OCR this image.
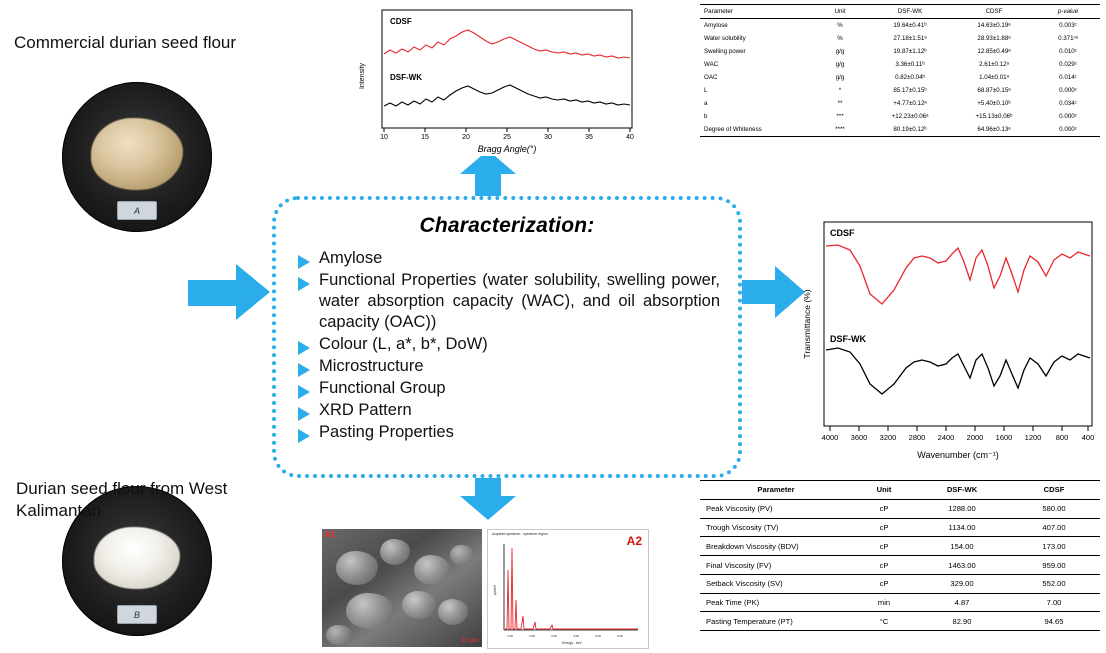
Commercial durian seed flour
A
B
Durian seed flour from West Kalimantan
Characterization:
Amylose
Functional Properties (water solubility, swelling power, water absorption capacity (WAC), and oil absorption capacity (OAC))
Colour (L, a*, b*, DoW)
Microstructure
Functional Group
XRD Pattern
Pasting Properties
CDSF
DSF-WK
10	15	20	25	30	35	40
Bragg Angle(°)
Intensity
Parameter	Unit	DSF-WK	CDSF	p-value
Amylose	%	19.64±0.41ᵇ	14.63±0.19ᵃ	0.003ᶜ
Water solubility	%	27.18±1.51ᵃ	28.93±1.88ᵃ	0.371ⁿˢ
Swelling power	g/g	19.87±1.12ᵇ	12.85±0.49ᵃ	0.010ᶜ
WAC	g/g	3.36±0.11ᵇ	2.61±0.12ᵃ	0.029ᶜ
OAC	g/g	0.82±0.04ᵇ	1.04±0.01ᵃ	0.014ᶜ
L	*	85.17±0.15ᵇ	68.87±0.15ᵃ	0.000ᶜ
a	**	+4.77±0.12ᵃ	+5.40±0.10ᵇ	0.034ᶜ
b	***	+12.23±0.06ᵃ	+15.13±0.06ᵇ	0.000ᶜ
Degree of Whiteness	****	80.19±0.12ᵇ	64.96±0.13ᵃ	0.000ᶜ
CDSF
DSF-WK
4000 3600 3200 2800 2400 2000 1600 1200 800 400
Wavenumber (cm⁻¹)
Transmittance (%)
A1
10 µm
Acquired spectrum - spectrum region	A2
1.00	2.00	3.00	4.00	5.00	6.00
Energy - keV
cps/eV
Parameter	Unit	DSF-WK	CDSF
Peak Viscosity (PV)	cP	1288.00	580.00
Trough Viscosity (TV)	cP	1134.00	407.00
Breakdown Viscosity (BDV)	cP	154.00	173.00
Final Viscosity (FV)	cP	1463.00	959.00
Setback Viscosity (SV)	cP	329.00	552.00
Peak Time (PK)	min	4.87	7.00
Pasting Temperature (PT)	°C	82.90	94.65
